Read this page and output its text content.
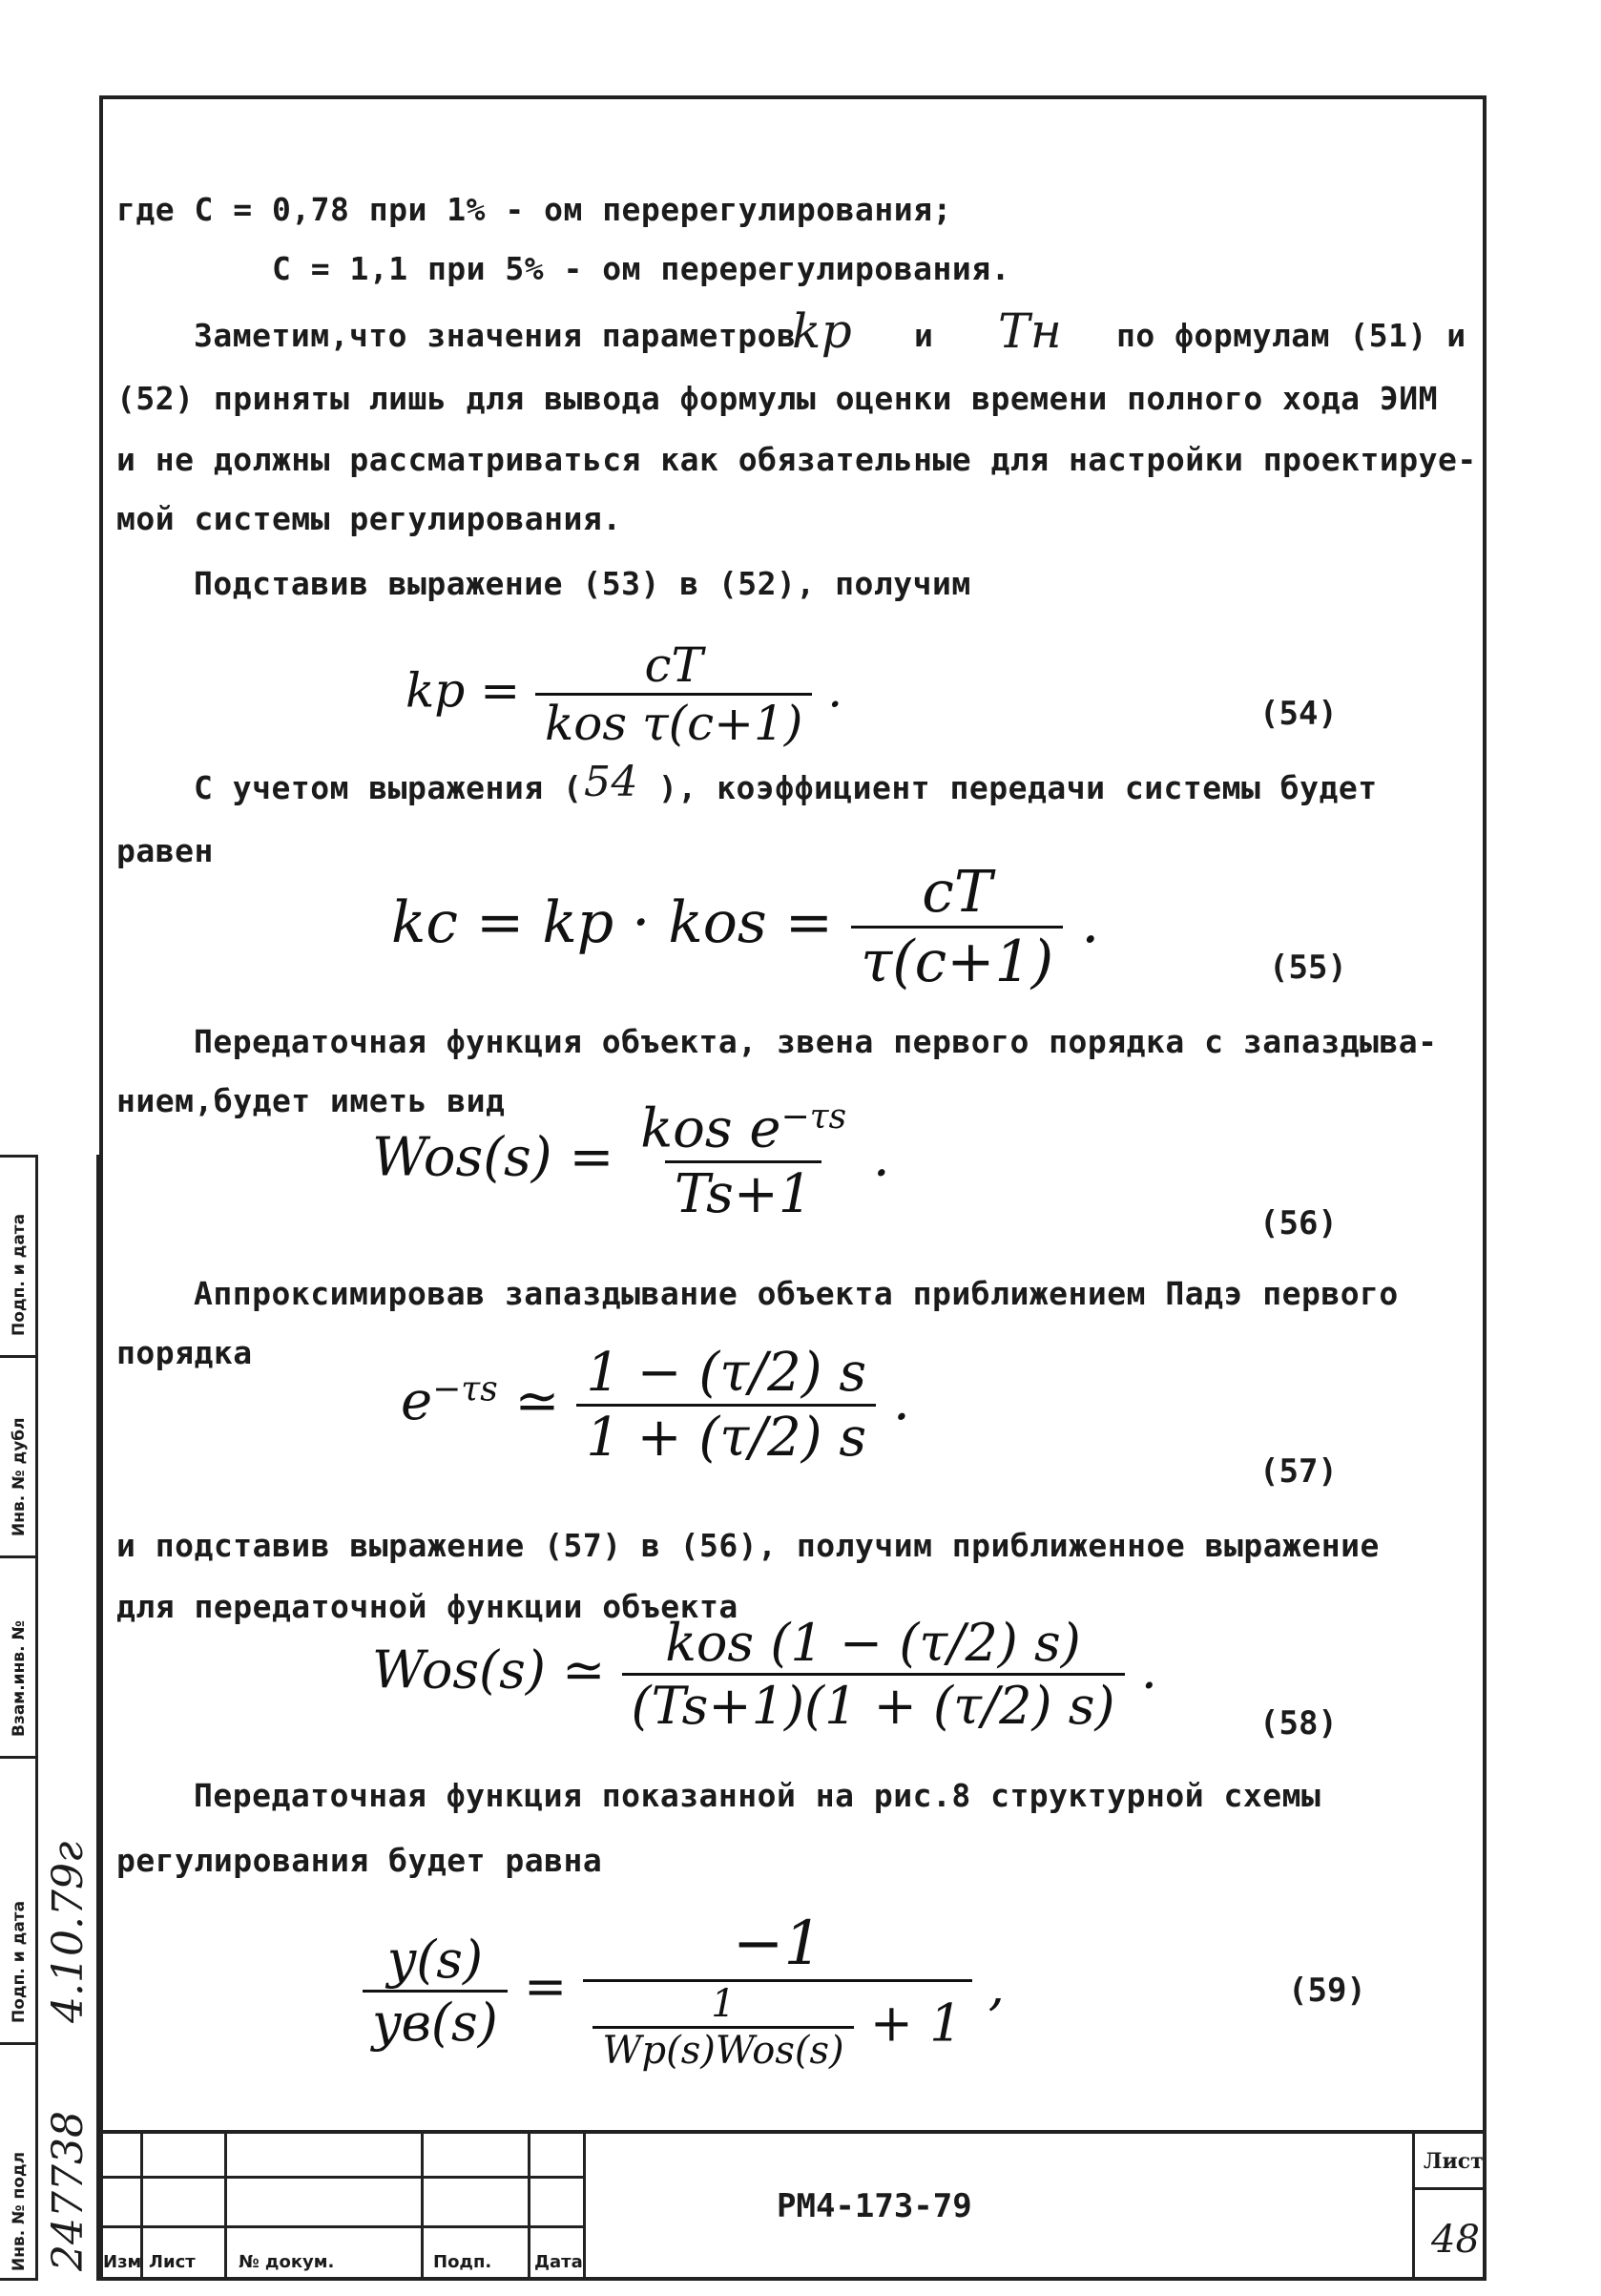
где C = 0,78 при 1% - ом перерегулирования;
C = 1,1 при 5% - ом перерегулирования.
Заметим,что значения параметров
kp и Tн по формулам (51) и
(52) приняты лишь для вывода формулы оценки времени полного хода ЭИМ
и не должны рассматриваться как обязательные для настройки проектируе-
мой системы регулирования.
Подставив выражение (53) в (52), получим
kp = $\frac{cT}{\text{kos τ(c+1)}}$ .	(54)
С учетом выражения ( 54 ), коэффициент передачи системы будет
равен
kc = kp · kos = $\frac{cT}{\tau(c+1)}$ .
(55)
Передаточная функция объекта, звена первого порядка с запаздыва-
нием,будет иметь вид
$Wos(s) = \frac{kos e^{-\tau s}}{Ts+1}$ .
(56)
Аппроксимировав запаздывание объекта приближением Падэ первого
порядка
$e^{-\tau s}$ ≃ $\frac{1 - (\tau/2) s}{1 + (\tau/2) s}$ .
(57)
и подставив выражение (57) в (56), получим приближенное выражение
для передаточной функции объекта
Wos(s) ≃ $\frac{\text{kos (1 − (τ/2) s)}}{(Ts+1)(1 + (\tau/2) s)}$ .
(58)
Передаточная функция показанной на рис.8 структурной схемы
регулирования будет равна
$\frac{y(s)}{yв(s)} = \frac{-1}{\frac{1}{\text{Wp(s)Wos(s)}} + 1}$ ,	(59)
Инв. № подл
Подп. и дата
Взам.инв. №
Инв. № дубл
Подп. и дата
247738
4.10.79г
Изм Лист	№ докум.	Подп. Дата
РМ4-173-79
Лист
48
